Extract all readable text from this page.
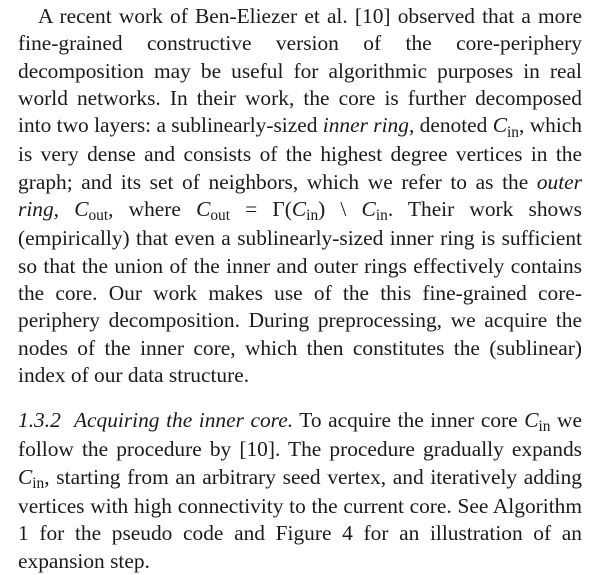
A recent work of Ben-Eliezer et al. [10] observed that a more fine-grained constructive version of the core-periphery decomposition may be useful for algorithmic purposes in real world networks. In their work, the core is further decomposed into two layers: a sublinearly-sized inner ring, denoted $C_{in}$, which is very dense and consists of the highest degree vertices in the graph; and its set of neighbors, which we refer to as the outer ring, $C_{out}$, where $C_{out} = \Gamma(C_{in})$ \ $C_{in}$. Their work shows (empirically) that even a sublinearly-sized inner ring is sufficient so that the union of the inner and outer rings effectively contains the core. Our work makes use of the this fine-grained core-periphery decomposition. During preprocessing, we acquire the nodes of the inner core, which then constitutes the (sublinear) index of our data structure.

1.3.2 Acquiring the inner core. To acquire the inner core $C_{in}$ we follow the procedure by [10]. The procedure gradually expands $C_{in}$, starting from an arbitrary seed vertex, and iteratively adding vertices with high connectivity to the current core. See Algorithm 1 for the pseudo code and Figure 4 for an illustration of an expansion step.
